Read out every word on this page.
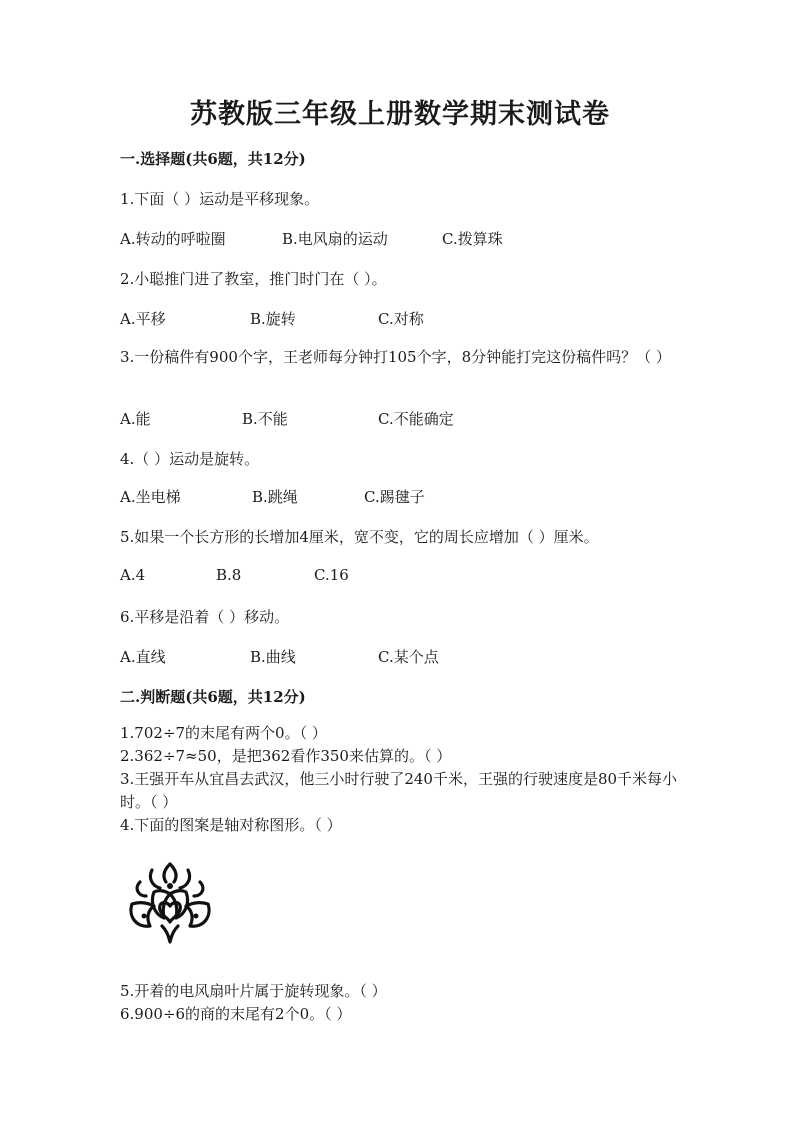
苏教版三年级上册数学期末测试卷
一.选择题(共6题，共12分)
1.下面（ ）运动是平移现象。
A.转动的呼啦圈	B.电风扇的运动	C.拨算珠
2.小聪推门进了教室，推门时门在（ ）。
A.平移	B.旋转	C.对称
3.一份稿件有900个字，王老师每分钟打105个字，8分钟能打完这份稿件吗？（ ）
A.能	B.不能	C.不能确定
4.（ ）运动是旋转。
A.坐电梯	B.跳绳	C.踢毽子
5.如果一个长方形的长增加4厘米，宽不变，它的周长应增加（ ）厘米。
A.4	B.8	C.16
6.平移是沿着（ ）移动。
A.直线	B.曲线	C.某个点
二.判断题(共6题，共12分)

1.702÷7的末尾有两个0。（ ）

2.362÷7≈50，是把362看作350来估算的。（ ）

3.王强开车从宜昌去武汉，他三小时行驶了240千米，王强的行驶速度是80千米每小时。（ ）

4.下面的图案是轴对称图形。（ ）

5.开着的电风扇叶片属于旋转现象。（ ）

6.900÷6的商的末尾有2个0。（ ）
